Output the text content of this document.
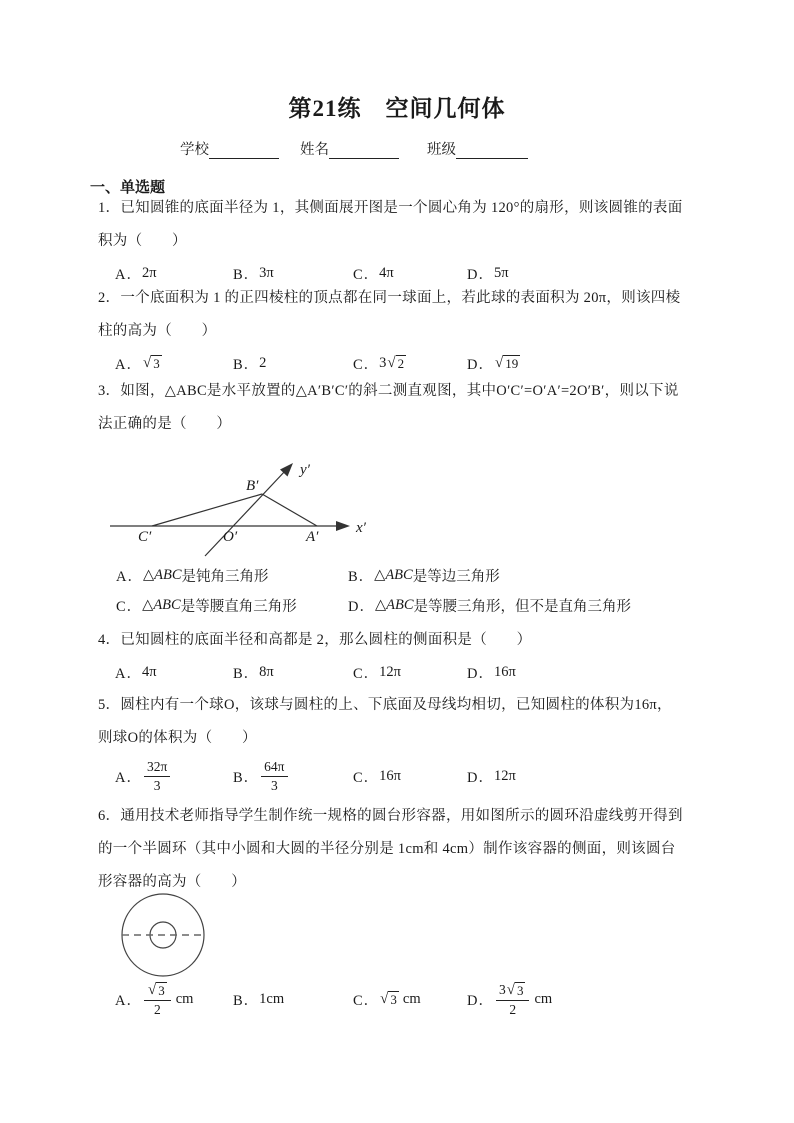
第21练　空间几何体
学校	姓名	班级
一、单选题
1．已知圆锥的底面半径为 1，其侧面展开图是一个圆心角为 120°的扇形，则该圆锥的表面
积为（　　）
A． 2π	B． 3π	C． 4π	D． 5π
2．一个底面积为 1 的正四棱柱的顶点都在同一球面上，若此球的表面积为 20π，则该四棱
柱的高为（　　）
A． √ 3	B． 2	C． 3 √ 2	D． √ 19
3．如图，△ABC是水平放置的△A′B′C′的斜二测直观图，其中O′C′=O′A′=2O′B′，则以下说
法正确的是（　　）
y′
x′
B′
C′	O′	A′
A． △ ABC 是钝角三角形	B． △ ABC 是等边三角形
C． △ ABC 是等腰直角三角形	D． △ ABC 是等腰三角形，但不是直角三角形
4．已知圆柱的底面半径和高都是 2，那么圆柱的侧面积是（　　）
A． 4π	B． 8π	C． 12π	D． 16π
5．圆柱内有一个球O，该球与圆柱的上、下底面及母线均相切，已知圆柱的体积为16π，
则球O的体积为（　　）
A． $\frac{32\pi}{3}$	B． $\frac{64\pi}{3}$	C． 16π	D． 12π
6．通用技术老师指导学生制作统一规格的圆台形容器，用如图所示的圆环沿虚线剪开得到
的一个半圆环（其中小圆和大圆的半径分别是 1cm和 4cm）制作该容器的侧面，则该圆台
形容器的高为（　　）
A． $\frac{√ 3}{2}$ cm	B． 1cm	C． √ 3 cm	D． $\frac{3 √ 3}{2}$ cm
